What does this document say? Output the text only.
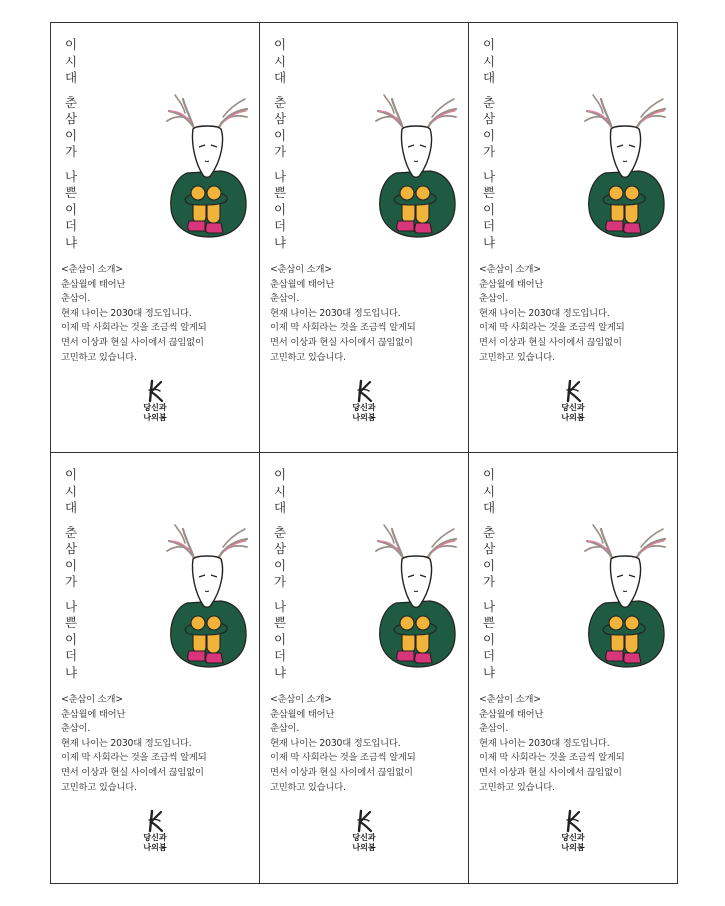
이
시
대
춘
삼
이
가
나
쁜
이
더
냐
<춘삼이 소개>
춘삼월에 태어난
춘삼이.
현재 나이는 2030대 정도입니다.
이제 막 사회라는 것을 조금씩 알게되
면서 이상과 현실 사이에서 끊임없이
고민하고 있습니다.
당신과
나의봄
이
시
대
춘
삼
이
가
나
쁜
이
더
냐
<춘삼이 소개>
춘삼월에 태어난
춘삼이.
현재 나이는 2030대 정도입니다.
이제 막 사회라는 것을 조금씩 알게되
면서 이상과 현실 사이에서 끊임없이
고민하고 있습니다.
당신과
나의봄
이
시
대
춘
삼
이
가
나
쁜
이
더
냐
<춘삼이 소개>
춘삼월에 태어난
춘삼이.
현재 나이는 2030대 정도입니다.
이제 막 사회라는 것을 조금씩 알게되
면서 이상과 현실 사이에서 끊임없이
고민하고 있습니다.
당신과
나의봄
이
시
대
춘
삼
이
가
나
쁜
이
더
냐
<춘삼이 소개>
춘삼월에 태어난
춘삼이.
현재 나이는 2030대 정도입니다.
이제 막 사회라는 것을 조금씩 알게되
면서 이상과 현실 사이에서 끊임없이
고민하고 있습니다.
당신과
나의봄
이
시
대
춘
삼
이
가
나
쁜
이
더
냐
<춘삼이 소개>
춘삼월에 태어난
춘삼이.
현재 나이는 2030대 정도입니다.
이제 막 사회라는 것을 조금씩 알게되
면서 이상과 현실 사이에서 끊임없이
고민하고 있습니다.
당신과
나의봄
이
시
대
춘
삼
이
가
나
쁜
이
더
냐
<춘삼이 소개>
춘삼월에 태어난
춘삼이.
현재 나이는 2030대 정도입니다.
이제 막 사회라는 것을 조금씩 알게되
면서 이상과 현실 사이에서 끊임없이
고민하고 있습니다.
당신과
나의봄
